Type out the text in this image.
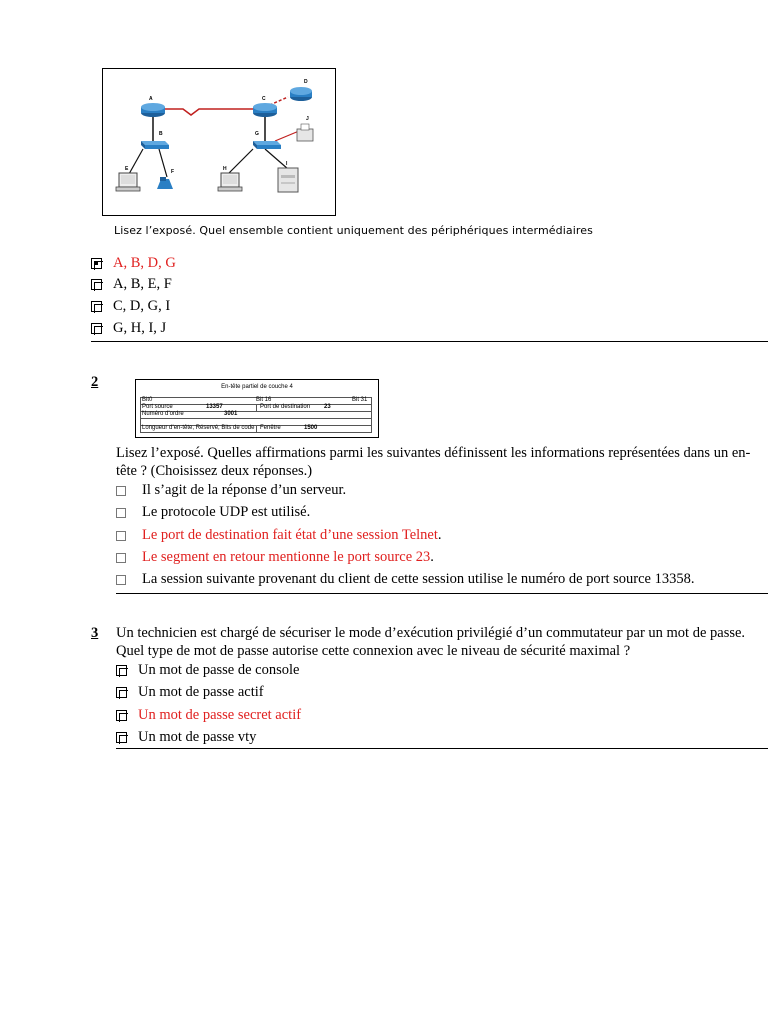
A
B
C
D
G
E	F	H
I
J
Lisez l’exposé. Quel ensemble contient uniquement des périphériques intermédiaires
A, B, D, G
A, B, E, F
C, D, G, I
G, H, I, J
2	En-tête partiel de couche 4
Bit0	Bit 16	Bit 31
Port source	13357	Port de destination 23
Numéro d’ordre	3001
Longueur d’en-tête, Réservé, Bits de code Fenêtre	1500
Lisez l’exposé. Quelles affirmations parmi les suivantes définissent les informations représentées dans un en-tête ? (Choisissez deux réponses.)
Il s’agit de la réponse d’un serveur.
Le protocole UDP est utilisé.
Le port de destination fait état d’une session Telnet .
Le segment en retour mentionne le port source 23 .
La session suivante provenant du client de cette session utilise le numéro de port source 13358.
3 Un technicien est chargé de sécuriser le mode d’exécution privilégié d’un commutateur par un mot de passe. Quel type de mot de passe autorise cette connexion avec le niveau de sécurité maximal ?
Un mot de passe de console
Un mot de passe actif
Un mot de passe secret actif
Un mot de passe vty
